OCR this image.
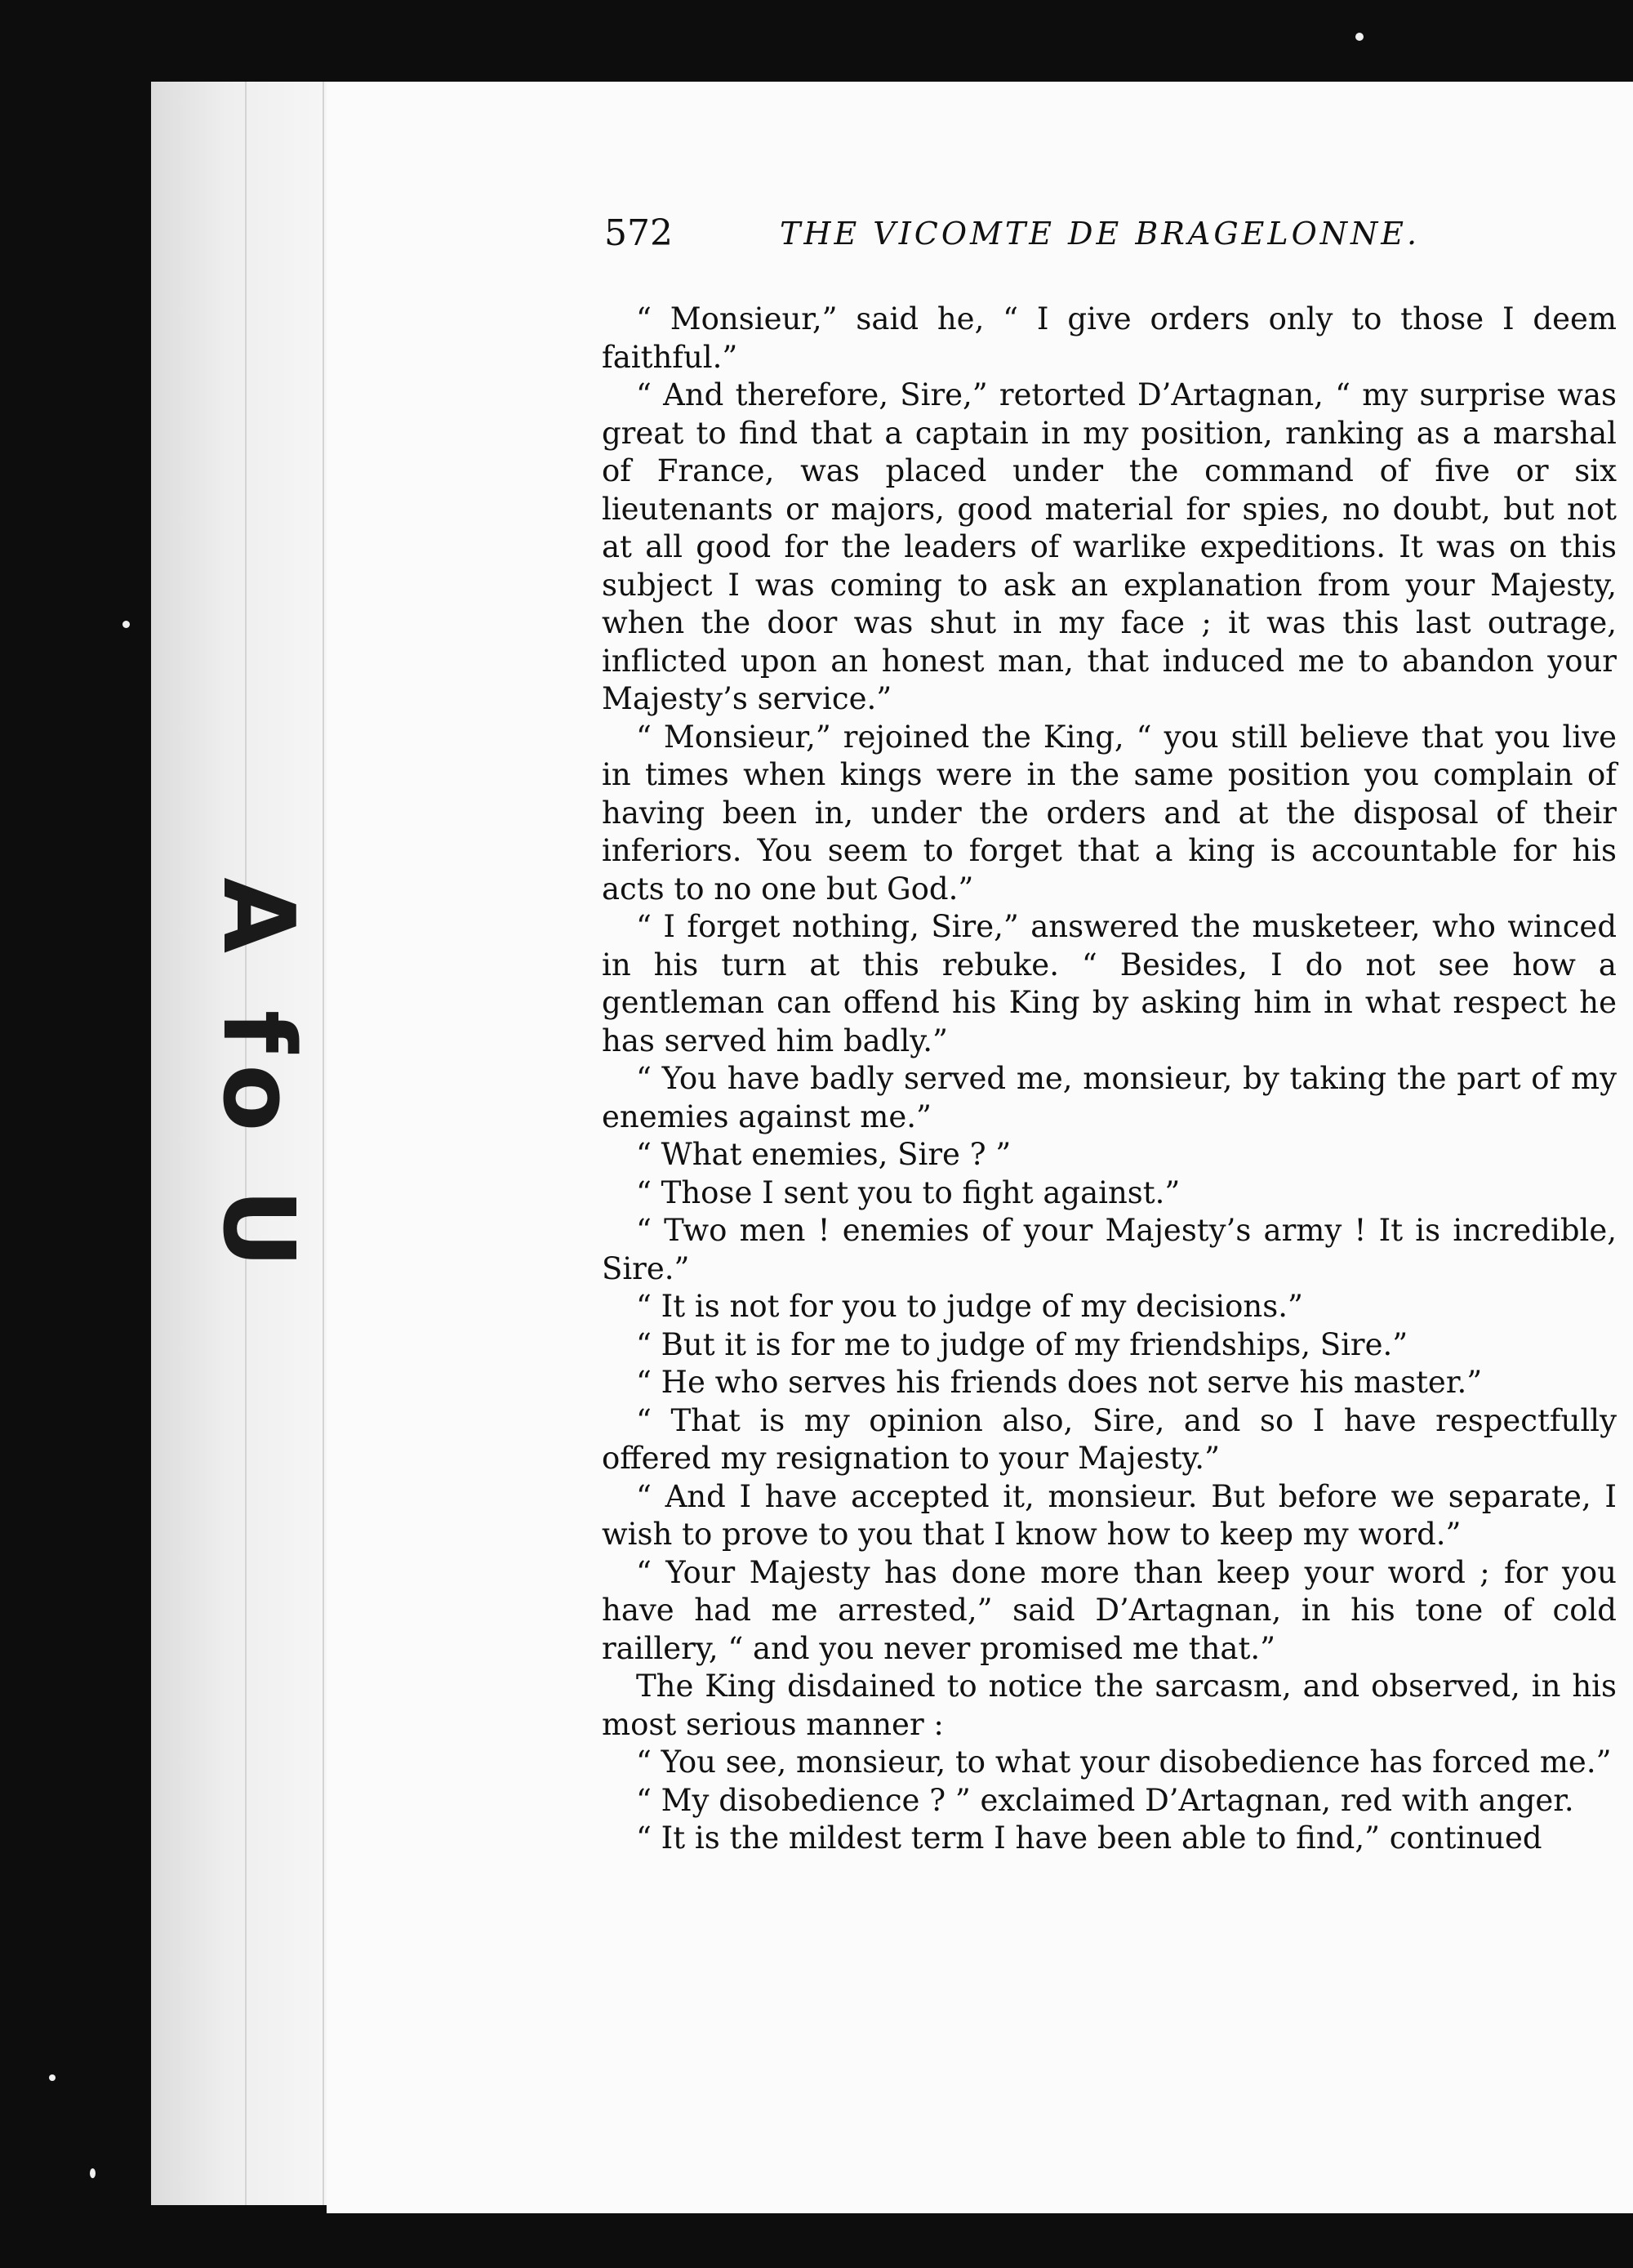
A fo U
572	THE VICOMTE DE BRAGELONNE.

“ Monsieur,” said he, “ I give orders only to those I deem faithful.”

“ And therefore, Sire,” retorted D’Artagnan, “ my surprise was great to find that a captain in my position, ranking as a marshal of France, was placed under the command of five or six lieutenants or majors, good material for spies, no doubt, but not at all good for the leaders of warlike expeditions. It was on this subject I was coming to ask an explanation from your Majesty, when the door was shut in my face ; it was this last outrage, inflicted upon an honest man, that induced me to abandon your Majesty’s service.”

“ Monsieur,” rejoined the King, “ you still believe that you live in times when kings were in the same position you complain of having been in, under the orders and at the disposal of their inferiors. You seem to forget that a king is accountable for his acts to no one but God.”

“ I forget nothing, Sire,” answered the musketeer, who winced in his turn at this rebuke. “ Besides, I do not see how a gentleman can offend his King by asking him in what respect he has served him badly.”

“ You have badly served me, monsieur, by taking the part of my enemies against me.”

“ What enemies, Sire ? ”

“ Those I sent you to fight against.”

“ Two men ! enemies of your Majesty’s army ! It is incredible, Sire.”

“ It is not for you to judge of my decisions.”

“ But it is for me to judge of my friendships, Sire.”

“ He who serves his friends does not serve his master.”

“ That is my opinion also, Sire, and so I have respectfully offered my resignation to your Majesty.”

“ And I have accepted it, monsieur. But before we separate, I wish to prove to you that I know how to keep my word.”

“ Your Majesty has done more than keep your word ; for you have had me arrested,” said D’Artagnan, in his tone of cold raillery, “ and you never promised me that.”

The King disdained to notice the sarcasm, and observed, in his most serious manner :

“ You see, monsieur, to what your disobedience has forced me.”

“ My disobedience ? ” exclaimed D’Artagnan, red with anger.

“ It is the mildest term I have been able to find,” continued
